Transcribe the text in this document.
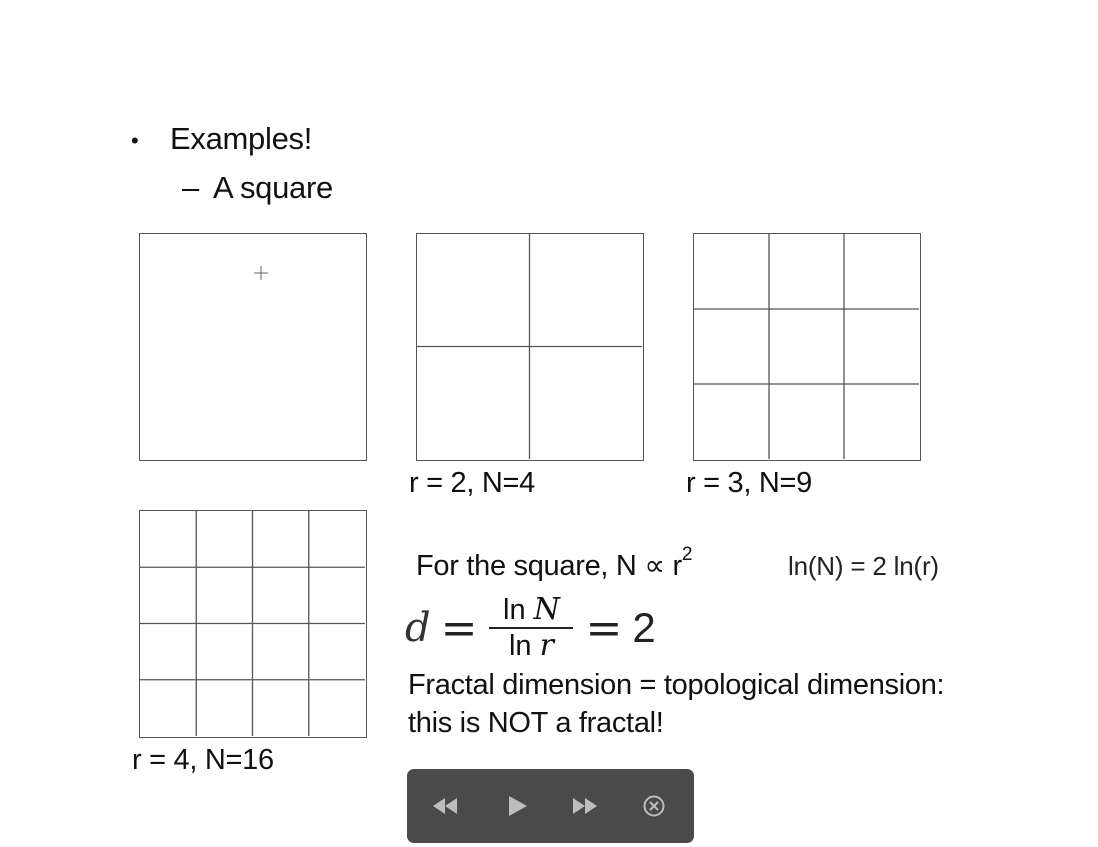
• Examples!
– A square
r = 2, N=4	r = 3, N=9
r = 4, N=16
For the square, $N \propto r^2$	ln(N) = 2 ln(r)
$d = \frac{\text{ln N}}{\text{ln r}} = 2$
Fractal dimension = topological dimension:
this is NOT a fractal!
